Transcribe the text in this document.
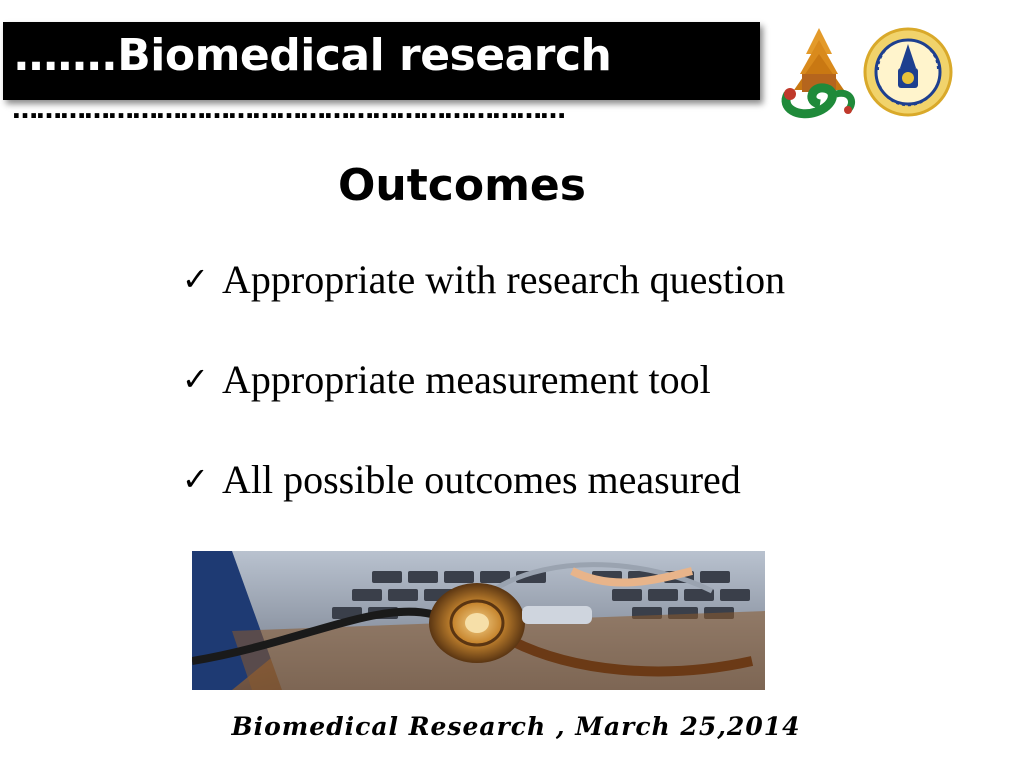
…….Biomedical research
……………………………………………………………
Outcomes
✓ Appropriate with research question
✓ Appropriate measurement tool
✓ All possible outcomes measured
Biomedical Research , March 25,2014
